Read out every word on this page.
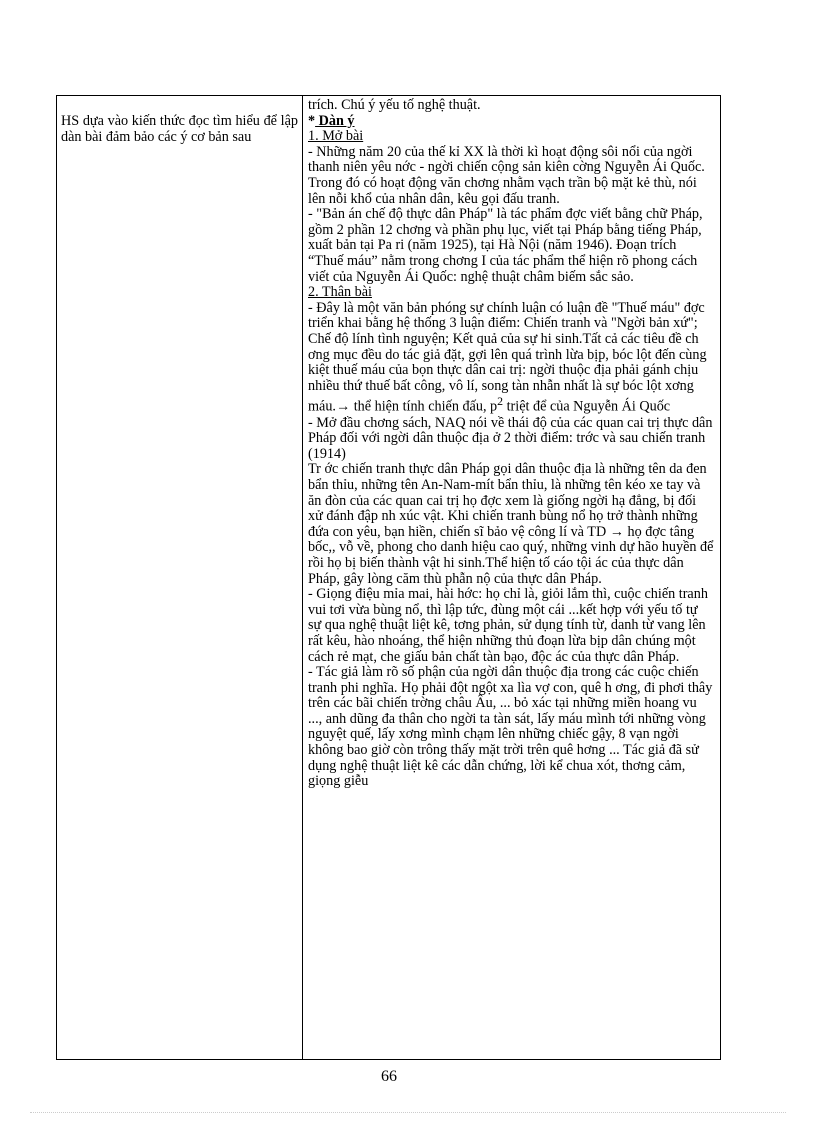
HS dựa vào kiến thức đọc tìm hiểu để lập dàn bài đảm bảo các ý cơ bản sau

trích. Chú ý yếu tố nghệ thuật.

* Dàn ý

1. Mở bài

- Những năm 20 của thế kỉ XX là thời kì hoạt động sôi nổi của ngời thanh niên yêu nớc - ngời chiến cộng sản kiên cờng Nguyễn Ái Quốc. Trong đó có hoạt động văn chơng nhằm vạch trần bộ mặt kẻ thù, nói lên nỗi khổ của nhân dân, kêu gọi đấu tranh.

- "Bản án chế độ thực dân Pháp" là tác phẩm đợc viết bằng chữ Pháp, gồm 2 phần 12 chơng và phần phụ lục, viết tại Pháp bằng tiếng Pháp, xuất bản tại Pa ri (năm 1925), tại Hà Nội (năm 1946). Đoạn trích “Thuế máu” nằm trong chơng I của tác phẩm thể hiện rõ phong cách viết của Nguyễn Ái Quốc: nghệ thuật châm biếm sắc sảo.

2. Thân bài

- Đây là một văn bản phóng sự chính luận có luận đề "Thuế máu" đợc triển khai bằng hệ thống 3 luận điểm: Chiến tranh và "Ngời bản xứ"; Chế độ lính tình nguyện; Kết quả của sự hi sinh.Tất cả các tiêu đề ch ơng mục đều do tác giả đặt, gợi lên quá trình lừa bịp, bóc lột đến cùng kiệt thuế máu của bọn thực dân cai trị: ngời thuộc địa phải gánh chịu nhiều thứ thuế bất công, vô lí, song tàn nhẫn nhất là sự bóc lột xơng máu.→ thể hiện tính chiến đấu, $p^2$ triệt để của Nguyễn Ái Quốc

- Mở đầu chơng sách, NAQ nói về thái độ của các quan cai trị thực dân Pháp đối với ngời dân thuộc địa ở 2 thời điểm: trớc và sau chiến tranh (1914)

Tr ớc chiến tranh thực dân Pháp gọi dân thuộc địa là những tên da đen bẩn thỉu, những tên An-Nam-mít bẩn thỉu, là những tên kéo xe tay và ăn đòn của các quan cai trị họ đợc xem là giống ngời hạ đẳng, bị đối xử đánh đập nh xúc vật. Khi chiến tranh bùng nổ họ trở thành những đứa con yêu, bạn hiền, chiến sĩ bảo vệ công lí và TD → họ đợc tâng bốc,, vỗ về, phong cho danh hiệu cao quý, những vinh dự hão huyền để rồi họ bị biến thành vật hi sinh.Thể hiện tố cáo tội ác của thực dân Pháp, gây lòng căm thù phẫn nộ của thực dân Pháp.

- Giọng điệu mỉa mai, hài hớc: họ chỉ là, giỏi lắm thì, cuộc chiến tranh vui tơi vừa bùng nổ, thì lập tức, đùng một cái ...kết hợp với yếu tố tự sự qua nghệ thuật liệt kê, tơng phản, sử dụng tính từ, danh từ vang lên rất kêu, hào nhoáng, thể hiện những thủ đoạn lừa bịp dân chúng một cách rẻ mạt, che giấu bản chất tàn bạo, độc ác của thực dân Pháp.

- Tác giả làm rõ số phận của ngời dân thuộc địa trong các cuộc chiến tranh phi nghĩa. Họ phải đột ngột xa lìa vợ con, quê h ơng, đi phơi thây trên các bãi chiến trờng châu Âu, ... bỏ xác tại những miền hoang vu ..., anh dũng đa thân cho ngời ta tàn sát, lấy máu mình tới những vòng nguyệt quế, lấy xơng mình chạm lên những chiếc gậy, 8 vạn ngời không bao giờ còn trông thấy mặt trời trên quê hơng ... Tác giả đã sử dụng nghệ thuật liệt kê các dẫn chứng, lời kể chua xót, thơng cảm, giọng giễu

66
